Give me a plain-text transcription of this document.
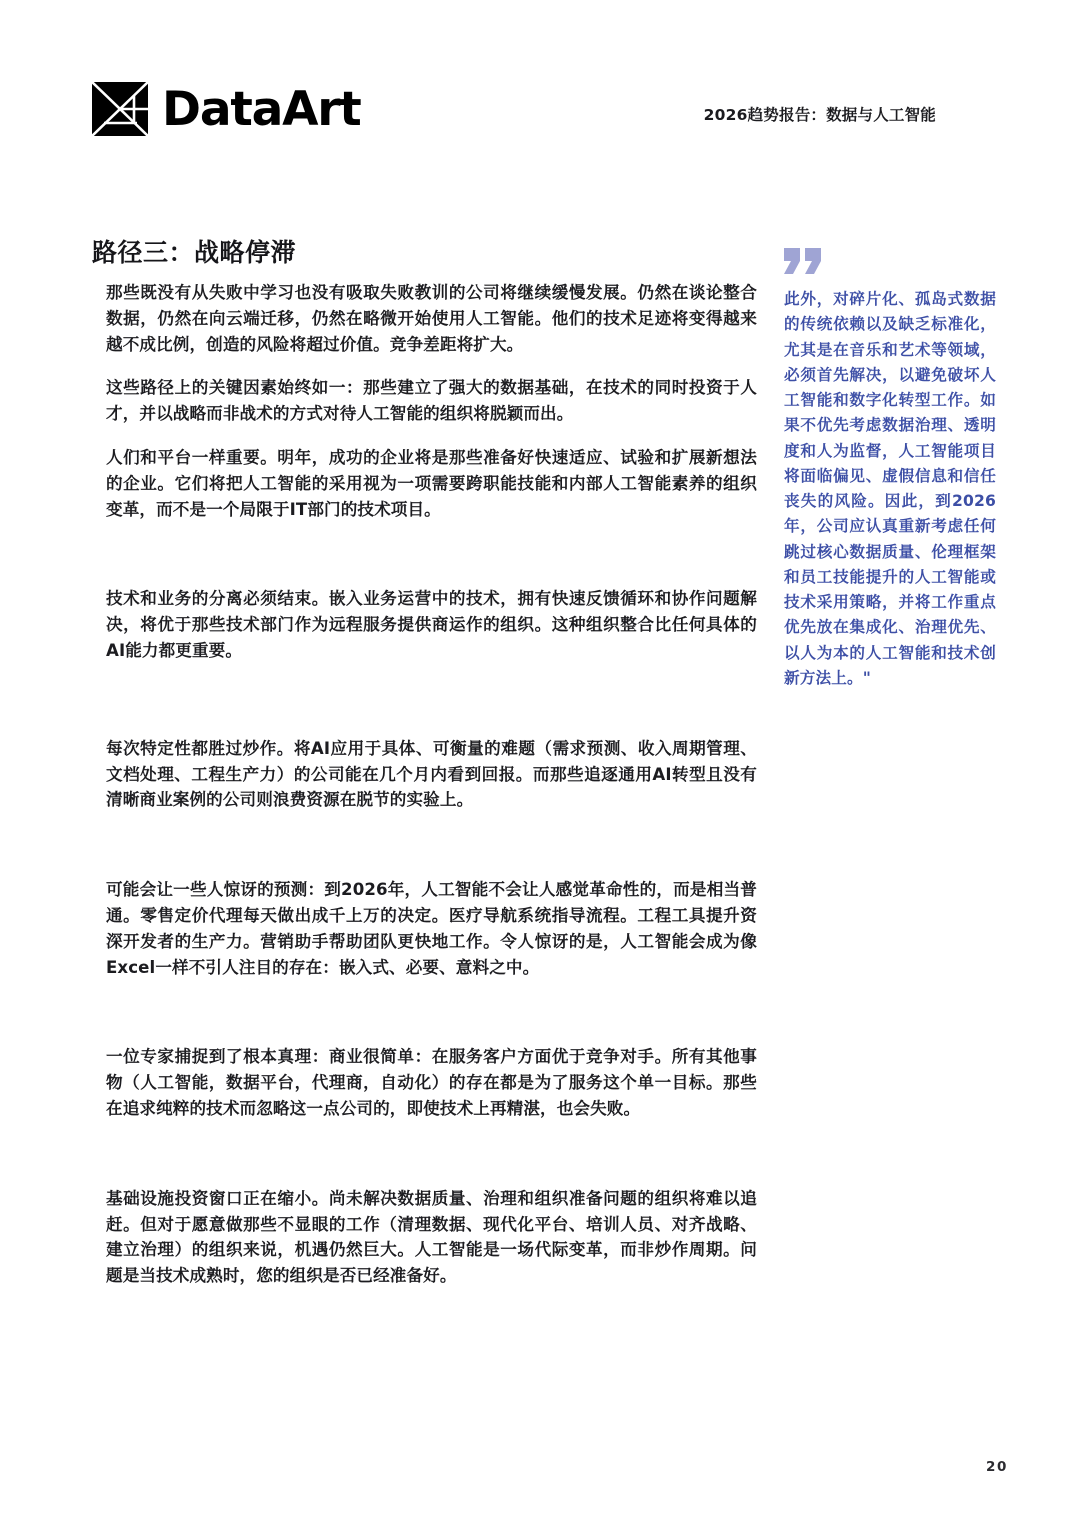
DataArt	2026趋势报告：数据与人工智能
路径三：战略停滞

那些既没有从失败中学习也没有吸取失败教训的公司将继续缓慢发展。仍然在谈论整合数据，仍然在向云端迁移，仍然在略微开始使用人工智能。他们的技术足迹将变得越来越不成比例，创造的风险将超过价值。竞争差距将扩大。

这些路径上的关键因素始终如一：那些建立了强大的数据基础，在技术的同时投资于人才，并以战略而非战术的方式对待人工智能的组织将脱颖而出。

人们和平台一样重要。明年，成功的企业将是那些准备好快速适应、试验和扩展新想法的企业。它们将把人工智能的采用视为一项需要跨职能技能和内部人工智能素养的组织变革，而不是一个局限于IT部门的技术项目。

技术和业务的分离必须结束。嵌入业务运营中的技术，拥有快速反馈循环和协作问题解决，将优于那些技术部门作为远程服务提供商运作的组织。这种组织整合比任何具体的AI能力都更重要。

每次特定性都胜过炒作。将AI应用于具体、可衡量的难题（需求预测、收入周期管理、文档处理、工程生产力）的公司能在几个月内看到回报。而那些追逐通用AI转型且没有清晰商业案例的公司则浪费资源在脱节的实验上。

可能会让一些人惊讶的预测：到2026年，人工智能不会让人感觉革命性的，而是相当普通。零售定价代理每天做出成千上万的决定。医疗导航系统指导流程。工程工具提升资深开发者的生产力。营销助手帮助团队更快地工作。令人惊讶的是，人工智能会成为像Excel一样不引人注目的存在：嵌入式、必要、意料之中。

一位专家捕捉到了根本真理：商业很简单：在服务客户方面优于竞争对手。所有其他事物（人工智能，数据平台，代理商，自动化）的存在都是为了服务这个单一目标。那些在追求纯粹的技术而忽略这一点公司的，即使技术上再精湛，也会失败。

基础设施投资窗口正在缩小。尚未解决数据质量、治理和组织准备问题的组织将难以追赶。但对于愿意做那些不显眼的工作（清理数据、现代化平台、培训人员、对齐战略、建立治理）的组织来说，机遇仍然巨大。人工智能是一场代际变革，而非炒作周期。问题是当技术成熟时，您的组织是否已经准备好。

此外，对碎片化、孤岛式数据的传统依赖以及缺乏标准化，尤其是在音乐和艺术等领域，必须首先解决，以避免破坏人工智能和数字化转型工作。如果不优先考虑数据治理、透明度和人为监督，人工智能项目将面临偏见、虚假信息和信任丧失的风险。因此，到2026年，公司应认真重新考虑任何跳过核心数据质量、伦理框架和员工技能提升的人工智能或技术采用策略，并将工作重点优先放在集成化、治理优先、以人为本的人工智能和技术创新方法上。"

20
